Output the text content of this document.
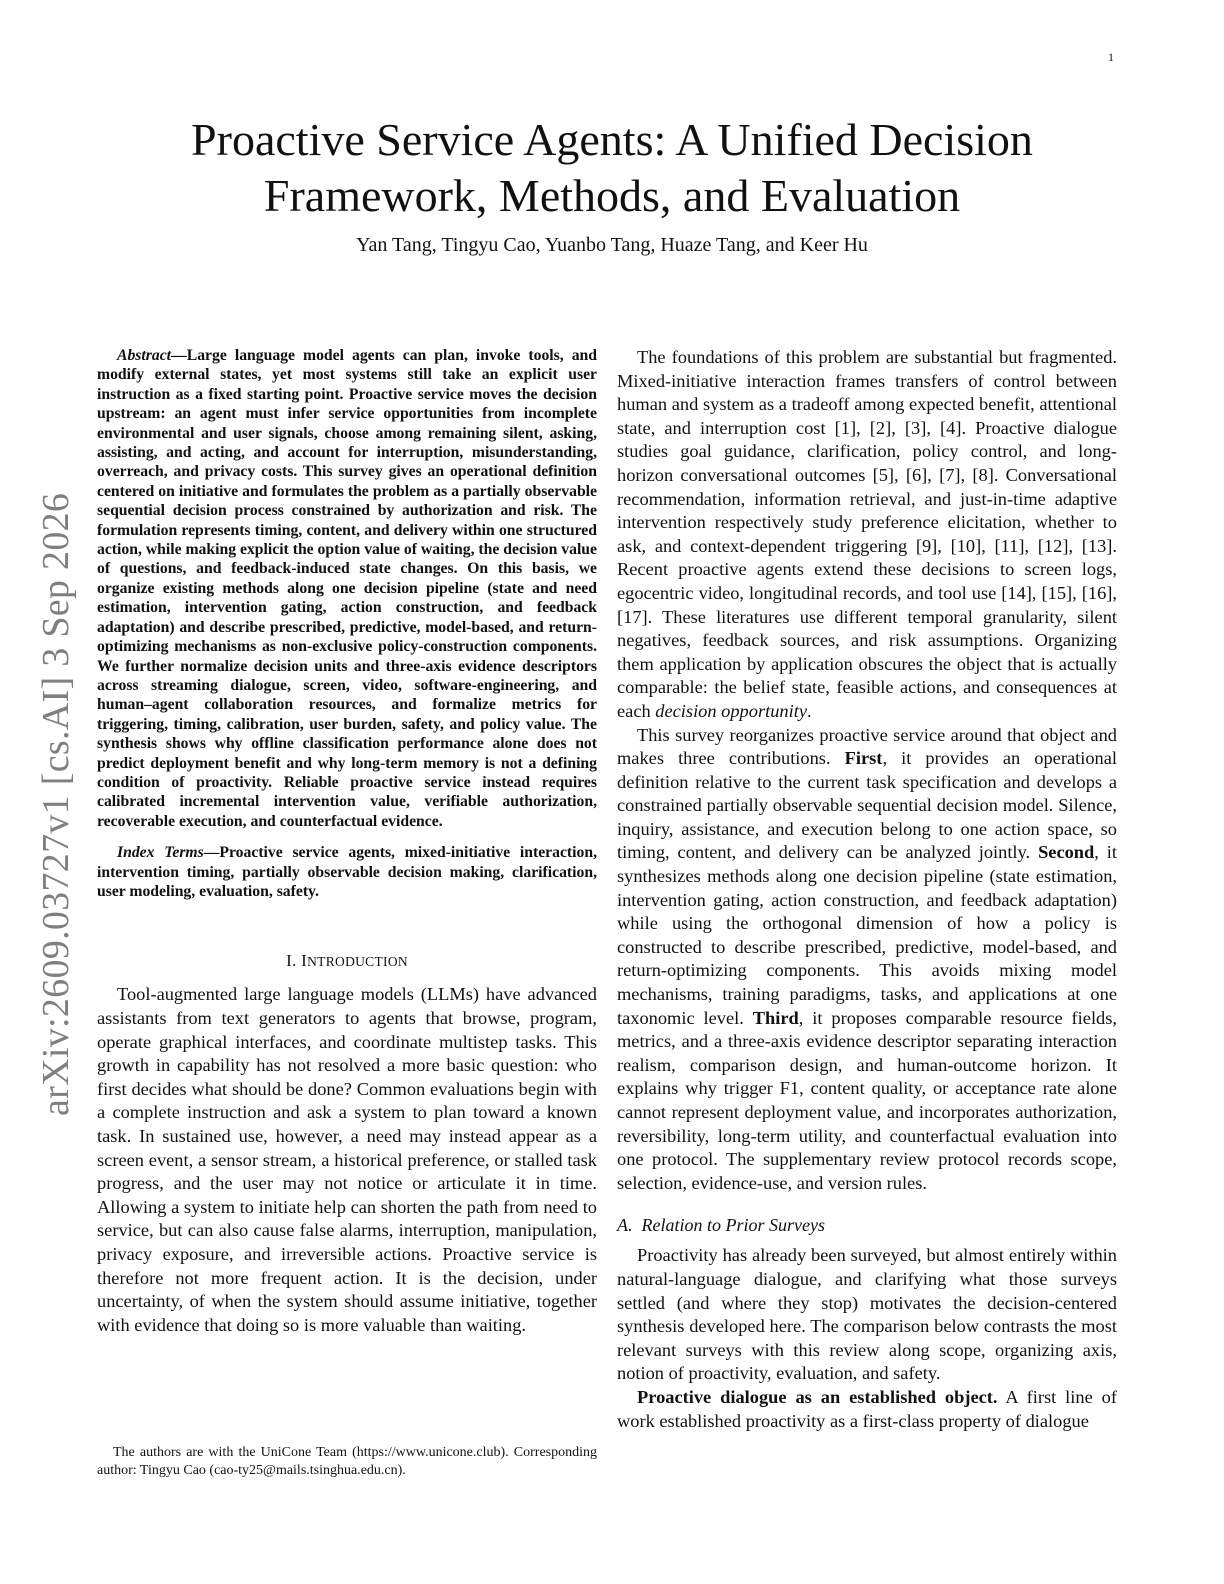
1
arXiv:2609.03727v1 [cs.AI] 3 Sep 2026
Proactive Service Agents: A Unified Decision Framework, Methods, and Evaluation
Yan Tang, Tingyu Cao, Yuanbo Tang, Huaze Tang, and Keer Hu

Abstract—Large language model agents can plan, invoke tools, and modify external states, yet most systems still take an explicit user instruction as a fixed starting point. Proactive service moves the decision upstream: an agent must infer service opportunities from incomplete environmental and user signals, choose among remaining silent, asking, assisting, and acting, and account for interruption, misunderstanding, overreach, and privacy costs. This survey gives an operational definition centered on initiative and formulates the problem as a partially observable sequential decision process constrained by authorization and risk. The formulation represents timing, content, and delivery within one structured action, while making explicit the option value of waiting, the decision value of questions, and feedback-induced state changes. On this basis, we organize existing methods along one decision pipeline (state and need estimation, intervention gating, action construction, and feedback adaptation) and describe prescribed, predictive, model-based, and return-optimizing mechanisms as non-exclusive policy-construction components. We further normalize decision units and three-axis evidence descriptors across streaming dialogue, screen, video, software-engineering, and human–agent collaboration resources, and formalize metrics for triggering, timing, calibration, user burden, safety, and policy value. The synthesis shows why offline classification performance alone does not predict deployment benefit and why long-term memory is not a defining condition of proactivity. Reliable proactive service instead requires calibrated incremental intervention value, verifiable authorization, recoverable execution, and counterfactual evidence.

Index Terms—Proactive service agents, mixed-initiative interaction, intervention timing, partially observable decision making, clarification, user modeling, evaluation, safety.

I. INTRODUCTION

Tool-augmented large language models (LLMs) have advanced assistants from text generators to agents that browse, program, operate graphical interfaces, and coordinate multistep tasks. This growth in capability has not resolved a more basic question: who first decides what should be done? Common evaluations begin with a complete instruction and ask a system to plan toward a known task. In sustained use, however, a need may instead appear as a screen event, a sensor stream, a historical preference, or stalled task progress, and the user may not notice or articulate it in time. Allowing a system to initiate help can shorten the path from need to service, but can also cause false alarms, interruption, manipulation, privacy exposure, and irreversible actions. Proactive service is therefore not more frequent action. It is the decision, under uncertainty, of when the system should assume initiative, together with evidence that doing so is more valuable than waiting.

The foundations of this problem are substantial but fragmented. Mixed-initiative interaction frames transfers of control between human and system as a tradeoff among expected benefit, attentional state, and interruption cost [1], [2], [3], [4]. Proactive dialogue studies goal guidance, clarification, policy control, and long-horizon conversational outcomes [5], [6], [7], [8]. Conversational recommendation, information retrieval, and just-in-time adaptive intervention respectively study preference elicitation, whether to ask, and context-dependent triggering [9], [10], [11], [12], [13]. Recent proactive agents extend these decisions to screen logs, egocentric video, longitudinal records, and tool use [14], [15], [16], [17]. These literatures use different temporal granularity, silent negatives, feedback sources, and risk assumptions. Organizing them application by application obscures the object that is actually comparable: the belief state, feasible actions, and consequences at each decision opportunity.

This survey reorganizes proactive service around that object and makes three contributions. First, it provides an operational definition relative to the current task specification and develops a constrained partially observable sequential decision model. Silence, inquiry, assistance, and execution belong to one action space, so timing, content, and delivery can be analyzed jointly. Second, it synthesizes methods along one decision pipeline (state estimation, intervention gating, action construction, and feedback adaptation) while using the orthogonal dimension of how a policy is constructed to describe prescribed, predictive, model-based, and return-optimizing components. This avoids mixing model mechanisms, training paradigms, tasks, and applications at one taxonomic level. Third, it proposes comparable resource fields, metrics, and a three-axis evidence descriptor separating interaction realism, comparison design, and human-outcome horizon. It explains why trigger F1, content quality, or acceptance rate alone cannot represent deployment value, and incorporates authorization, reversibility, long-term utility, and counterfactual evaluation into one protocol. The supplementary review protocol records scope, selection, evidence-use, and version rules.

A. Relation to Prior Surveys

Proactivity has already been surveyed, but almost entirely within natural-language dialogue, and clarifying what those surveys settled (and where they stop) motivates the decision-centered synthesis developed here. The comparison below contrasts the most relevant surveys with this review along scope, organizing axis, notion of proactivity, evaluation, and safety.

Proactive dialogue as an established object. A first line of work established proactivity as a first-class property of dialogue

The authors are with the UniCone Team (https://www.unicone.club). Corresponding author: Tingyu Cao (cao-ty25@mails.tsinghua.edu.cn).
